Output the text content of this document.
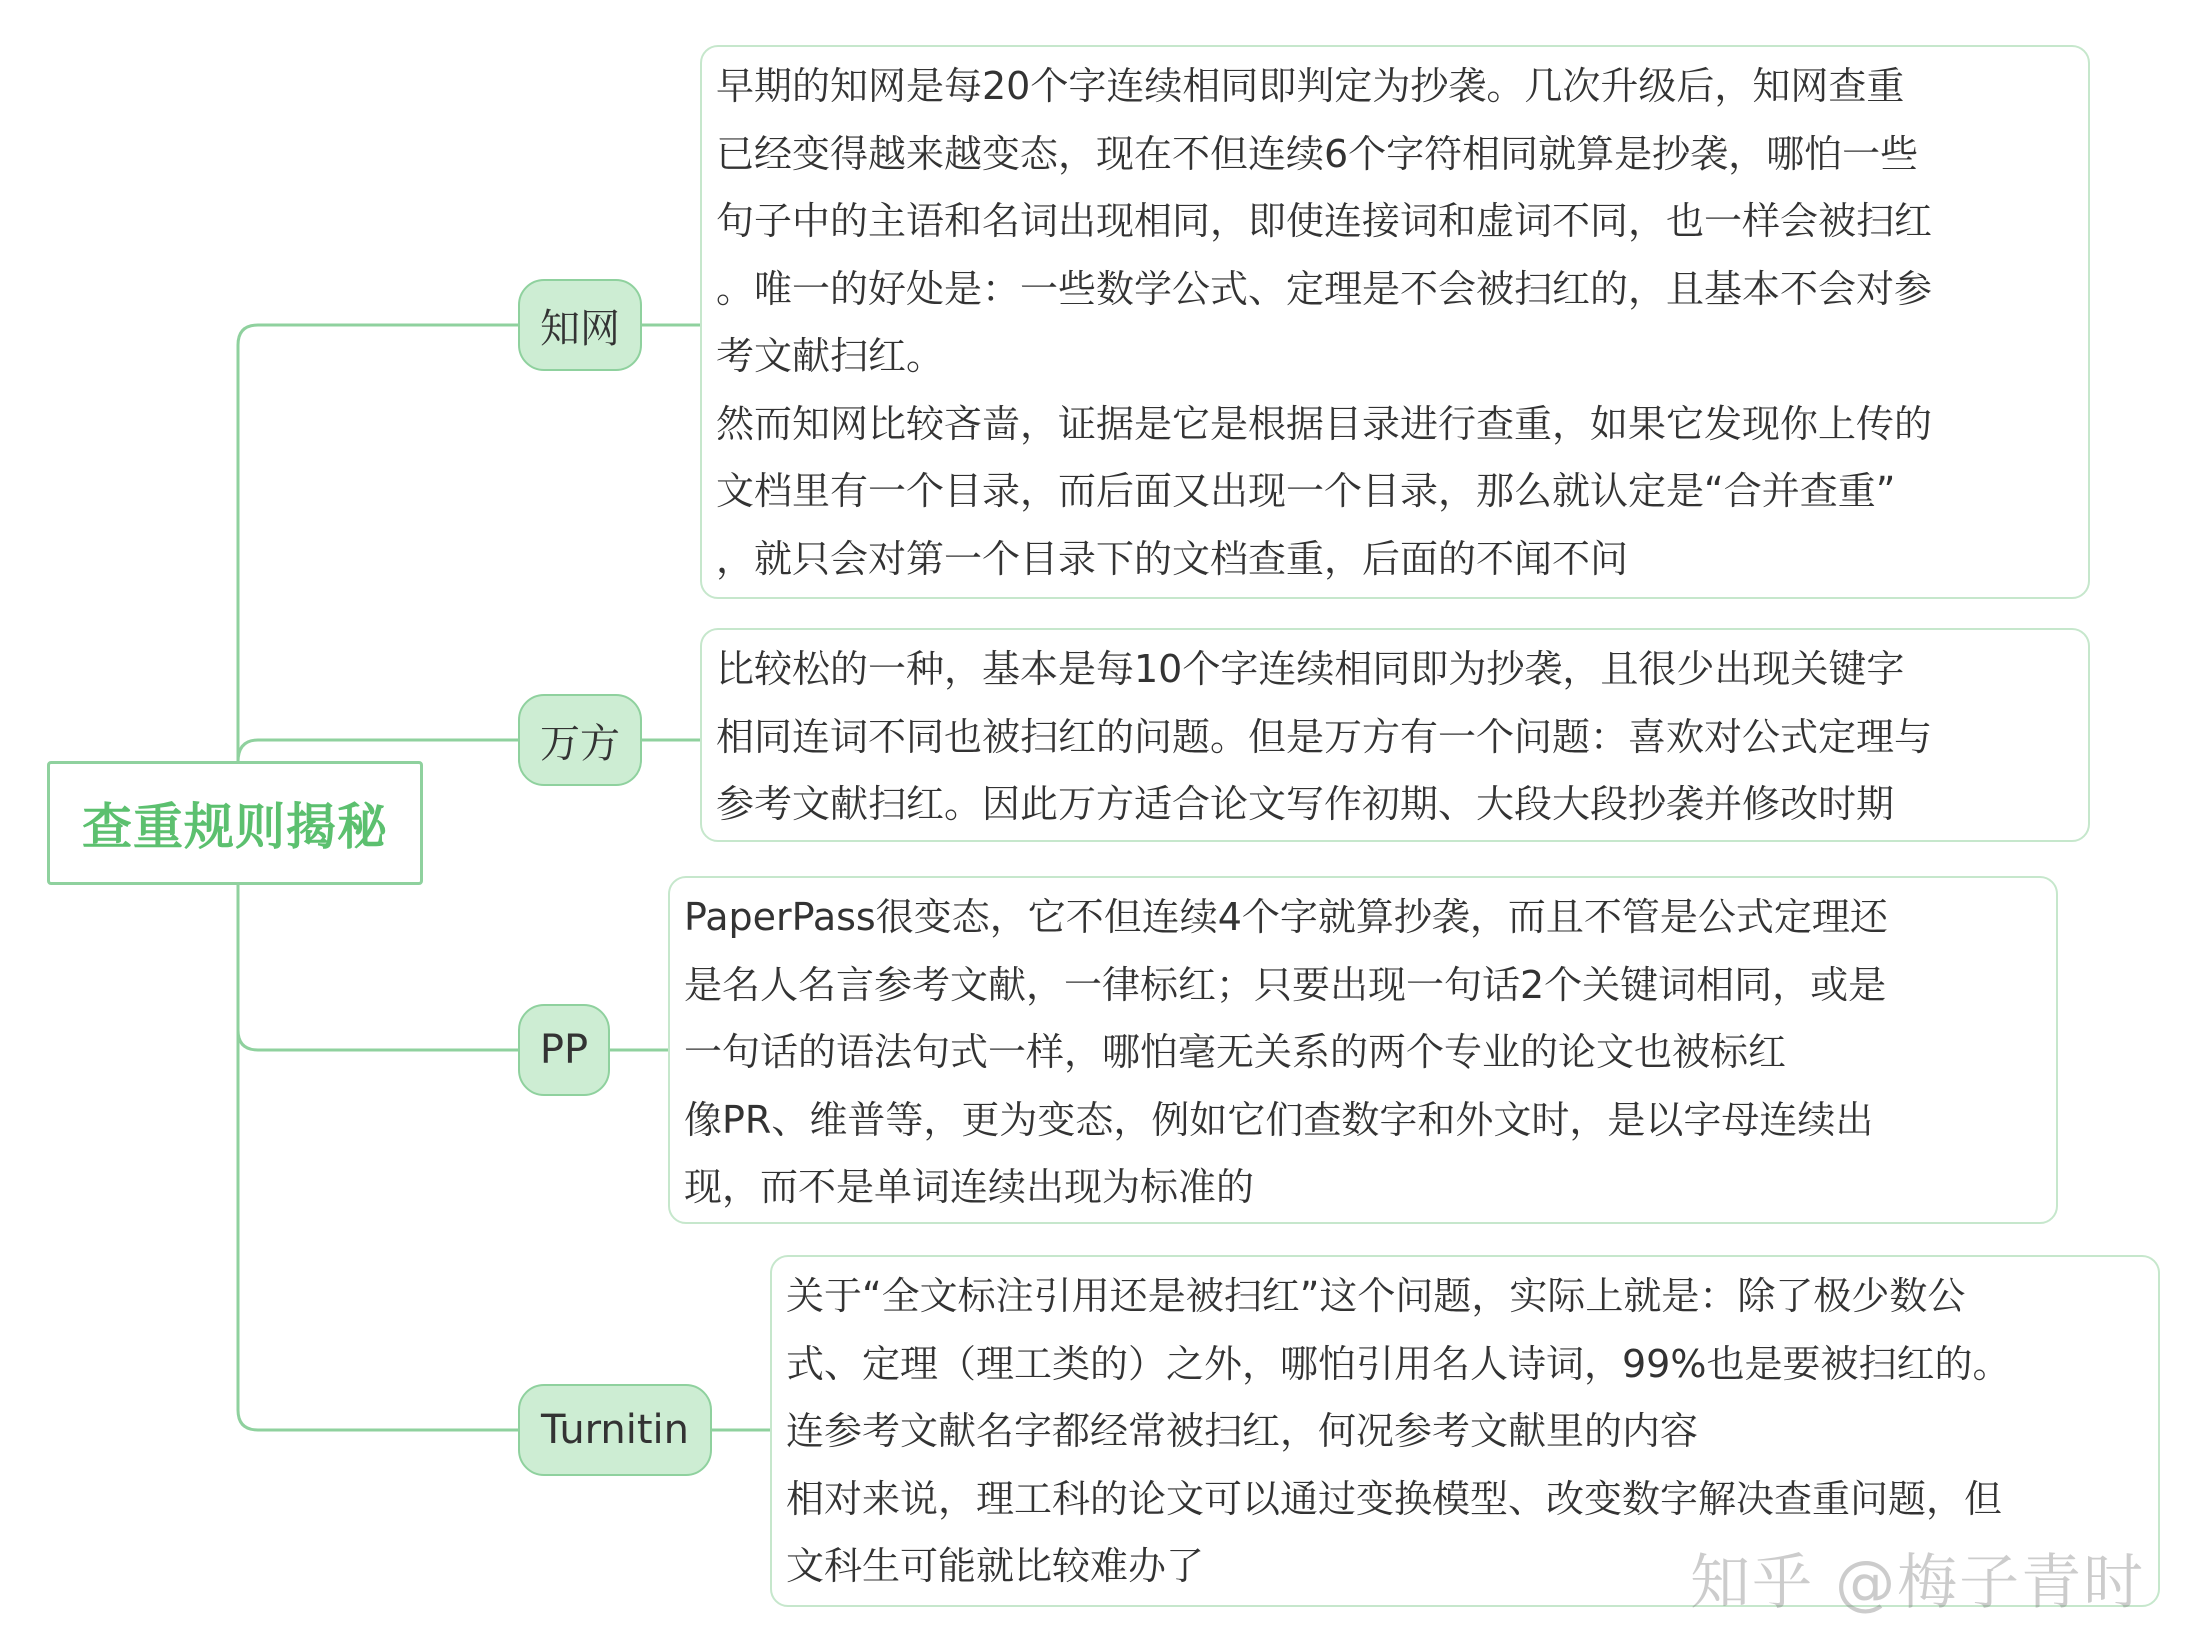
查重规则揭秘
知网
早期的知网是每20个字连续相同即判定为抄袭。几次升级后，知网查重
已经变得越来越变态，现在不但连续6个字符相同就算是抄袭，哪怕一些
句子中的主语和名词出现相同，即使连接词和虚词不同，也一样会被扫红
。唯一的好处是：一些数学公式、定理是不会被扫红的，且基本不会对参
考文献扫红。
然而知网比较吝啬，证据是它是根据目录进行查重，如果它发现你上传的
文档里有一个目录，而后面又出现一个目录，那么就认定是“合并查重”
，就只会对第一个目录下的文档查重，后面的不闻不问
万方
比较松的一种，基本是每10个字连续相同即为抄袭，且很少出现关键字
相同连词不同也被扫红的问题。但是万方有一个问题：喜欢对公式定理与
参考文献扫红。因此万方适合论文写作初期、大段大段抄袭并修改时期
PP
PaperPass很变态，它不但连续4个字就算抄袭，而且不管是公式定理还
是名人名言参考文献，一律标红；只要出现一句话2个关键词相同，或是
一句话的语法句式一样，哪怕毫无关系的两个专业的论文也被标红
像PR、维普等，更为变态，例如它们查数字和外文时，是以字母连续出
现，而不是单词连续出现为标准的
Turnitin
关于“全文标注引用还是被扫红”这个问题，实际上就是：除了极少数公
式、定理（理工类的）之外，哪怕引用名人诗词，99%也是要被扫红的。
连参考文献名字都经常被扫红，何况参考文献里的内容
相对来说，理工科的论文可以通过变换模型、改变数字解决查重问题，但
文科生可能就比较难办了	知乎 @梅子青时
